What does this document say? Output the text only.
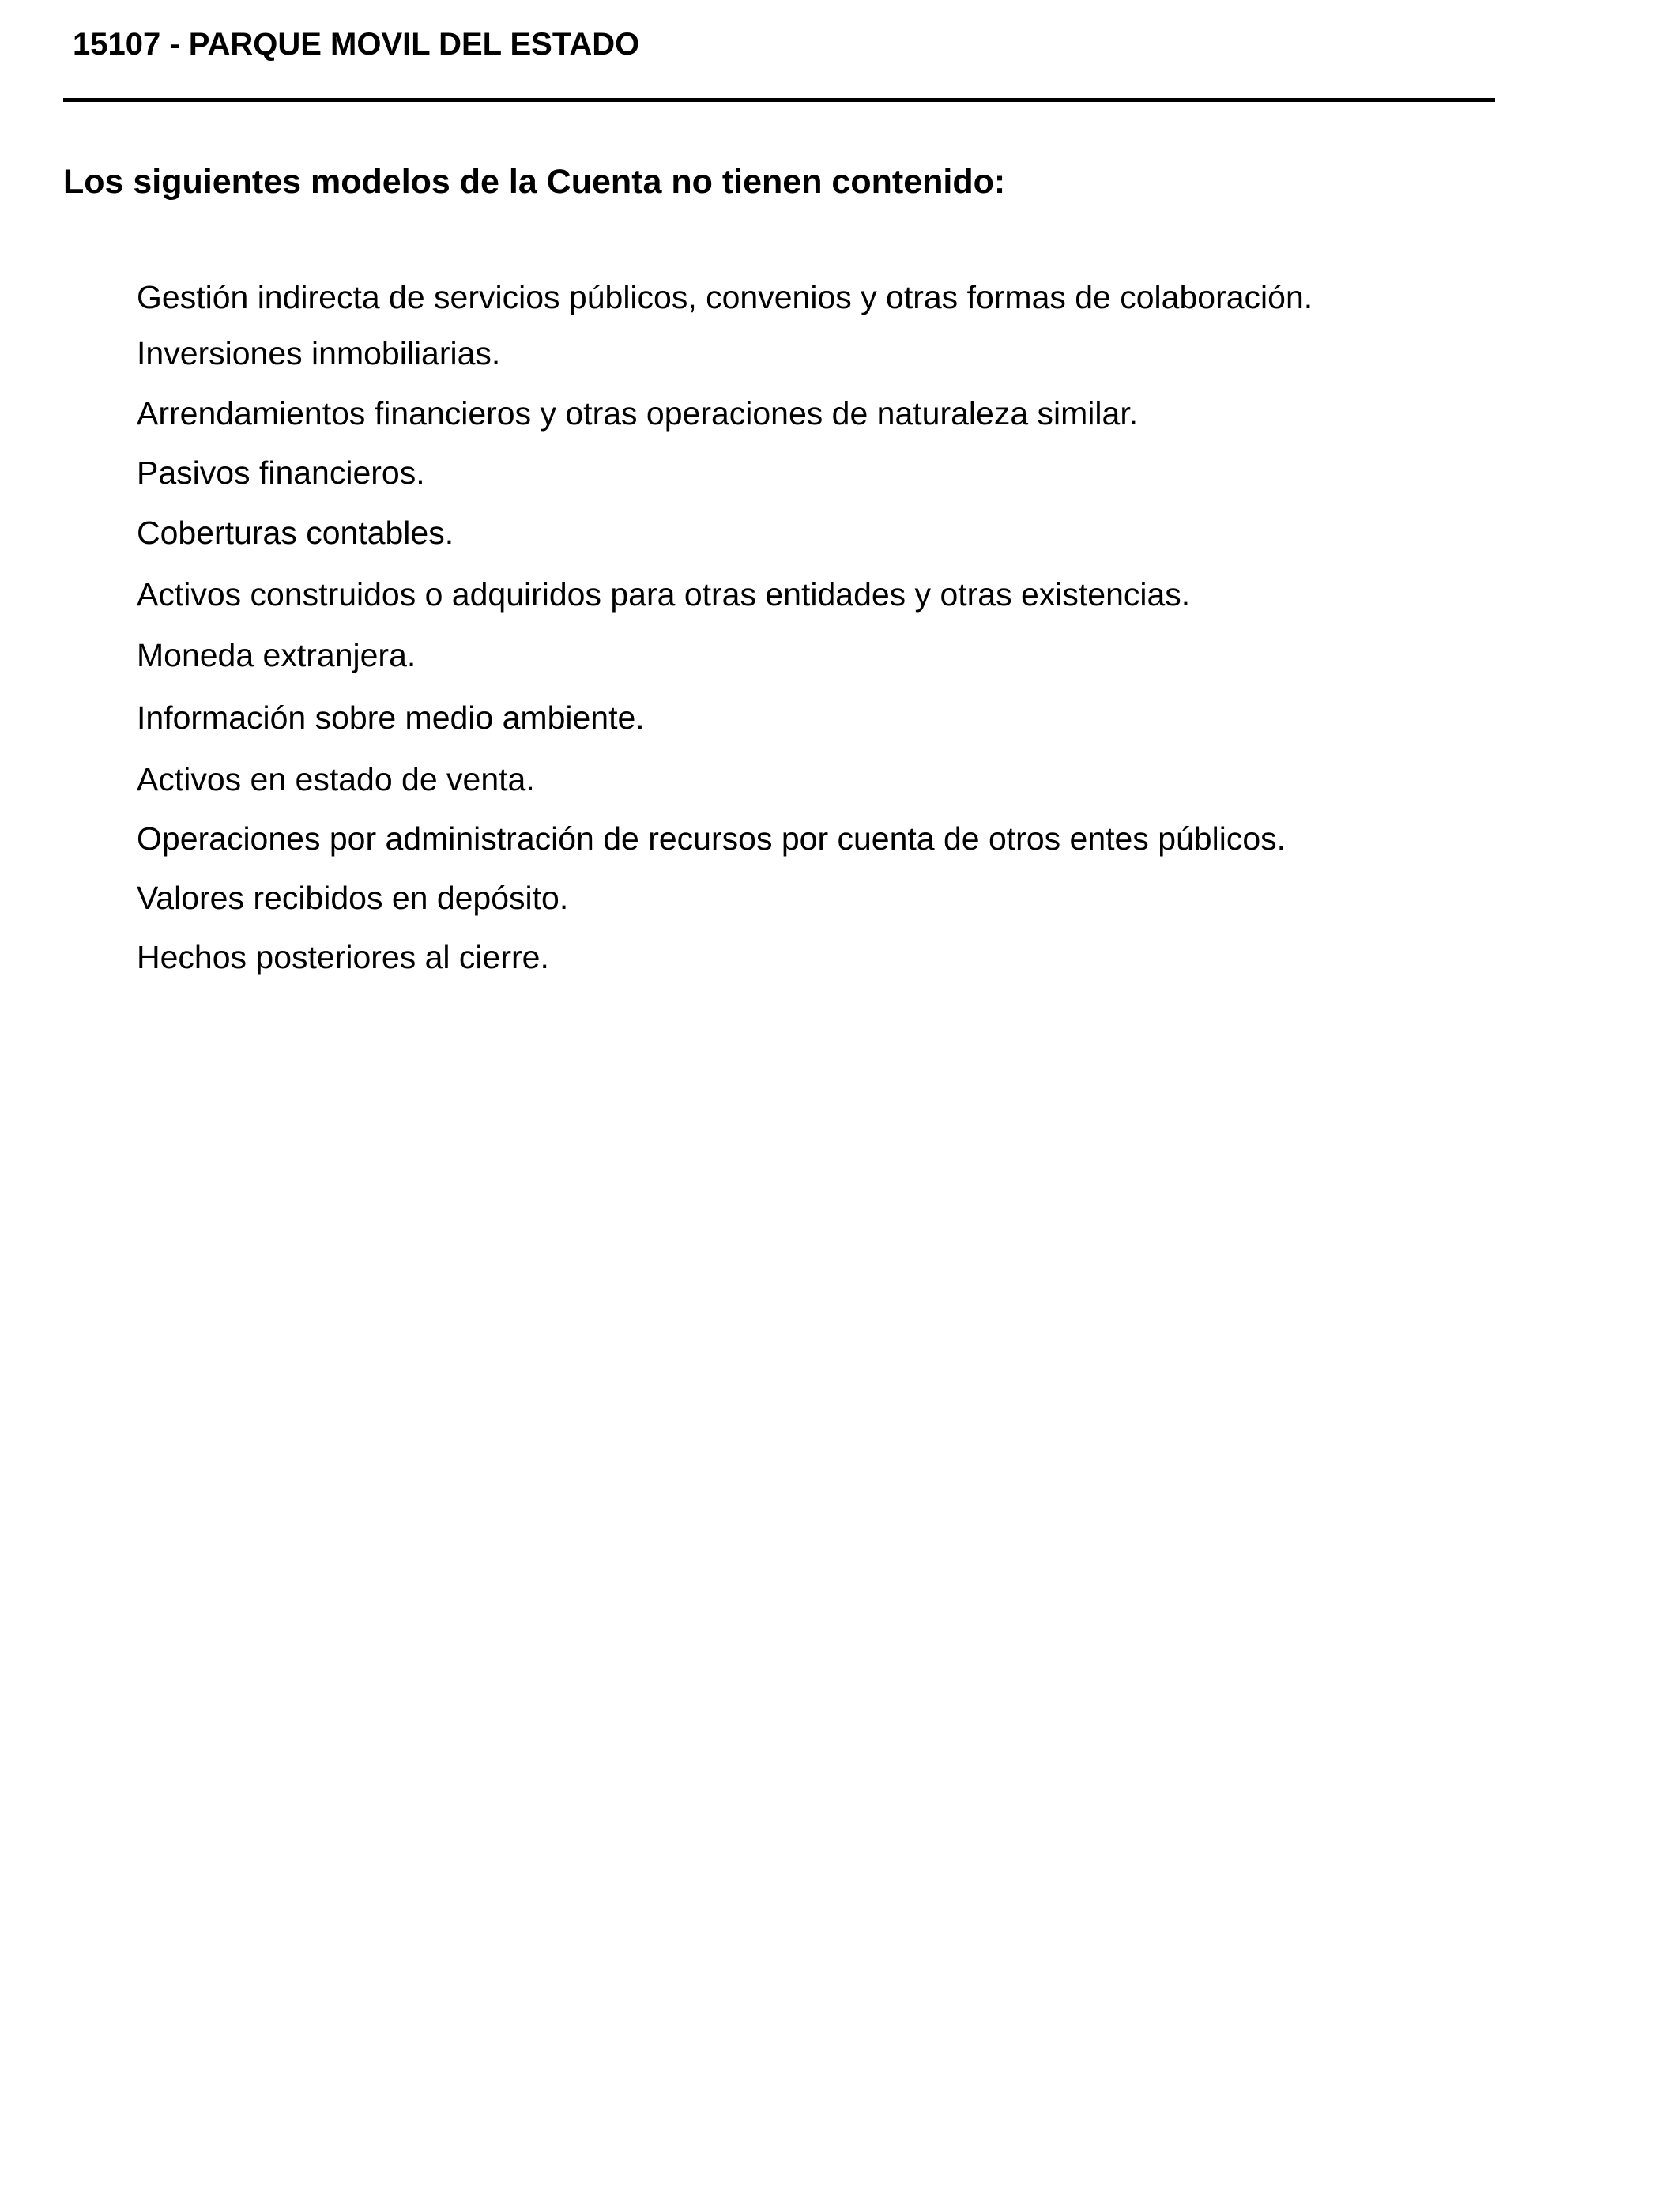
15107 - PARQUE MOVIL DEL ESTADO
Los siguientes modelos de la Cuenta no tienen contenido:
Gestión indirecta de servicios públicos, convenios y otras formas de colaboración.
Inversiones inmobiliarias.
Arrendamientos financieros y otras operaciones de naturaleza similar.
Pasivos financieros.
Coberturas contables.
Activos construidos o adquiridos para otras entidades y otras existencias.
Moneda extranjera.
Información sobre medio ambiente.
Activos en estado de venta.
Operaciones por administración de recursos por cuenta de otros entes públicos.
Valores recibidos en depósito.
Hechos posteriores al cierre.
